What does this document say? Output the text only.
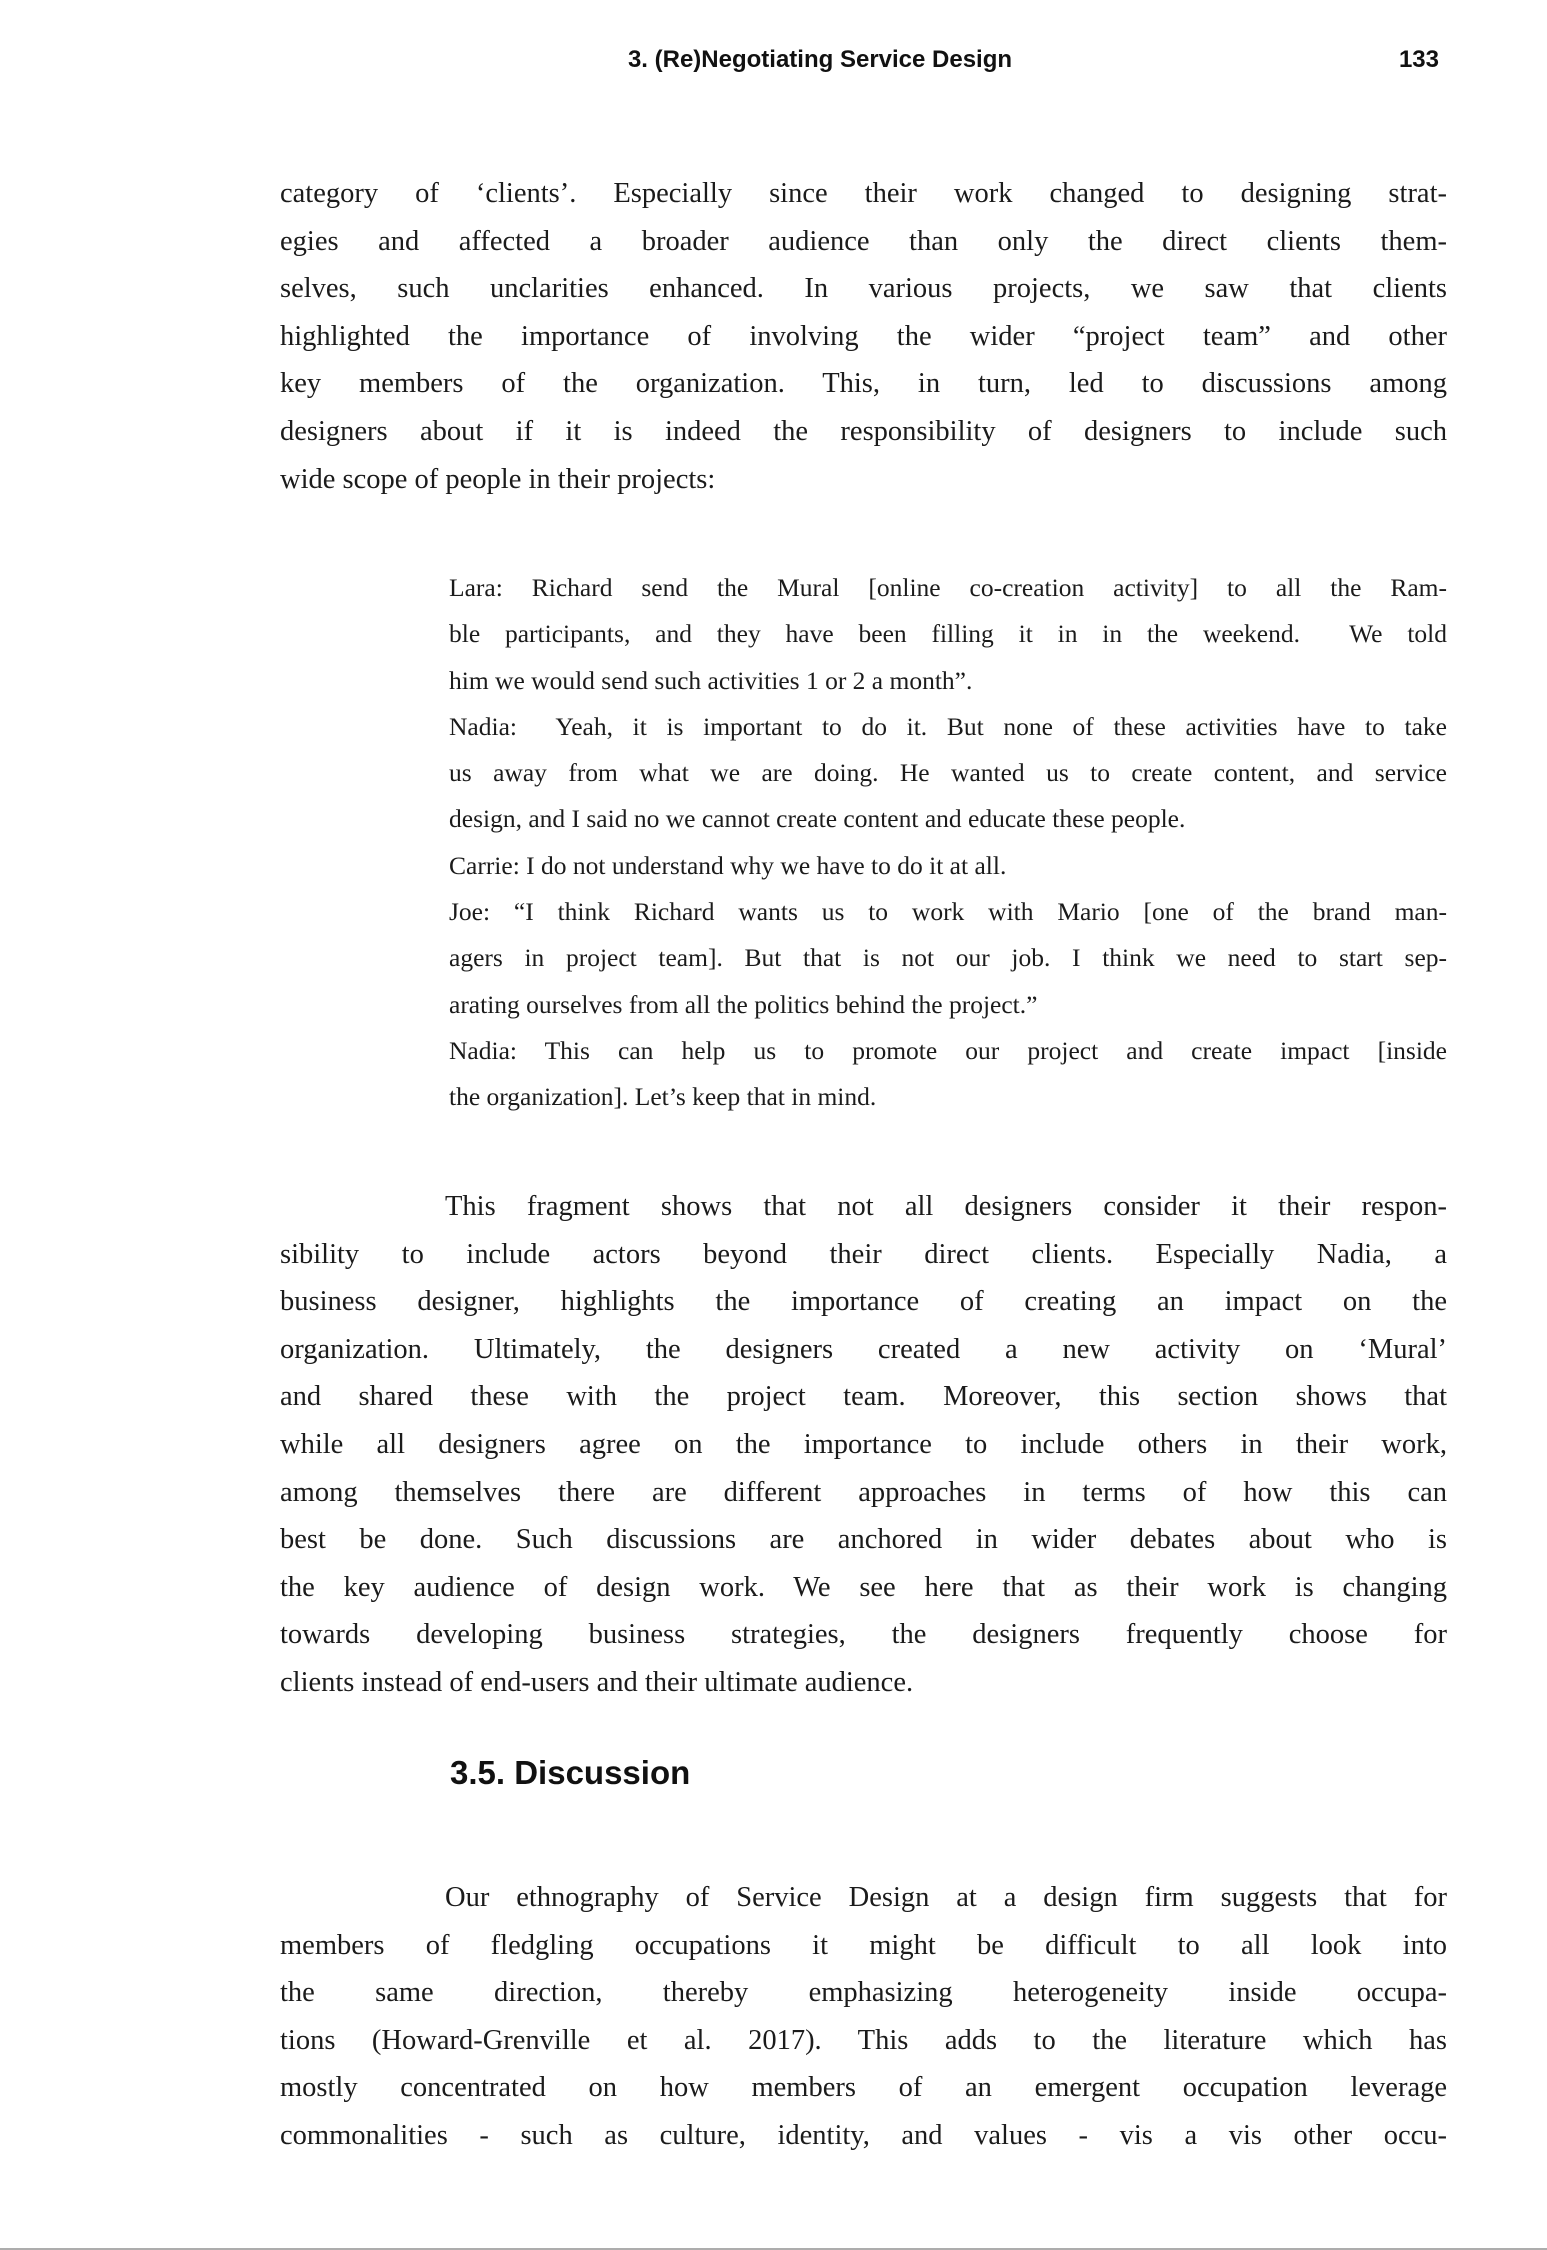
3. (Re)Negotiating Service Design	133
category of ‘clients’. Especially since their work changed to designing strat-
egies and affected a broader audience than only the direct clients them-
selves, such unclarities enhanced. In various projects, we saw that clients
highlighted the importance of involving the wider “project team” and other
key members of the organization. This, in turn, led to discussions among
designers about if it is indeed the responsibility of designers to include such
wide scope of people in their projects:
Lara: Richard send the Mural [online co-creation activity] to all the Ram-
ble participants, and they have been filling it in in the weekend.  We told
him we would send such activities 1 or 2 a month”.
Nadia:  Yeah, it is important to do it. But none of these activities have to take
us away from what we are doing. He wanted us to create content, and service
design, and I said no we cannot create content and educate these people.
Carrie: I do not understand why we have to do it at all.
Joe: “I think Richard wants us to work with Mario [one of the brand man-
agers in project team]. But that is not our job. I think we need to start sep-
arating ourselves from all the politics behind the project.”
Nadia: This can help us to promote our project and create impact [inside
the organization]. Let’s keep that in mind.
This fragment shows that not all designers consider it their respon-
sibility to include actors beyond their direct clients. Especially Nadia, a
business designer, highlights the importance of creating an impact on the
organization. Ultimately, the designers created a new activity on ‘Mural’
and shared these with the project team. Moreover, this section shows that
while all designers agree on the importance to include others in their work,
among themselves there are different approaches in terms of how this can
best be done. Such discussions are anchored in wider debates about who is
the key audience of design work. We see here that as their work is changing
towards developing business strategies, the designers frequently choose for
clients instead of end-users and their ultimate audience.
3.5. Discussion
Our ethnography of Service Design at a design firm suggests that for
members of fledgling occupations it might be difficult to all look into
the same direction, thereby emphasizing heterogeneity inside occupa-
tions (Howard-Grenville et al. 2017). This adds to the literature which has
mostly concentrated on how members of an emergent occupation leverage
commonalities - such as culture, identity, and values - vis a vis other occu-
